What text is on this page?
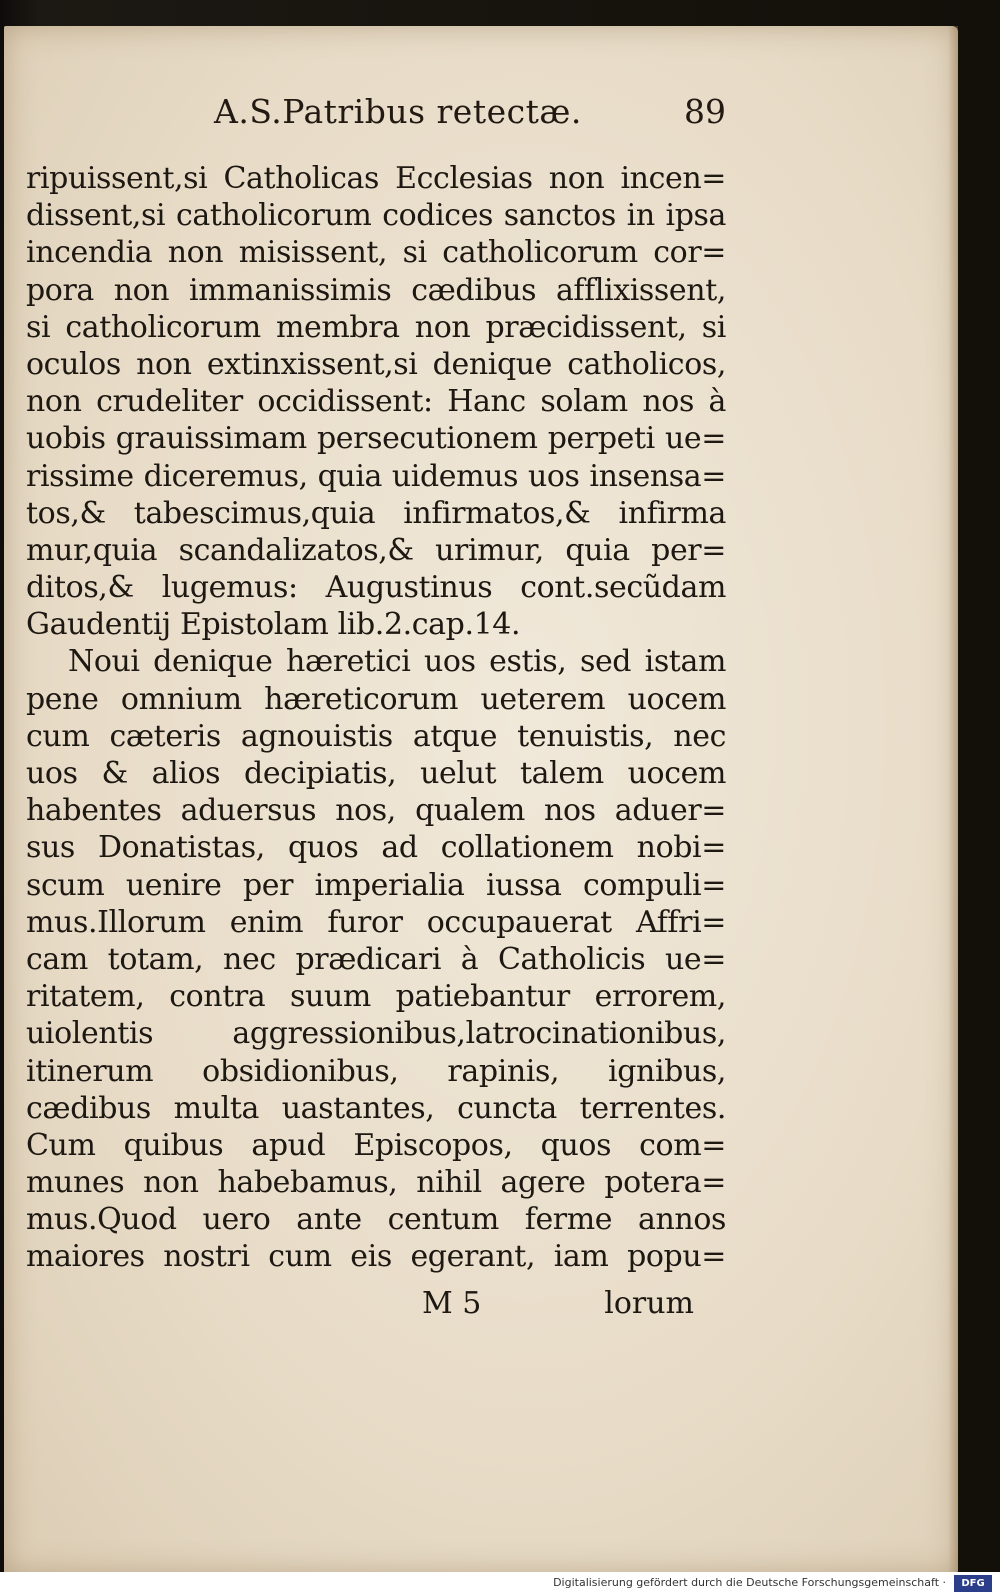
A.S.Patribus retectæ.	89
ripuissent,si Catholicas Ecclesias non incen=
dissent,si catholicorum codices sanctos in ipsa
incendia non misissent, si catholicorum cor=
pora non immanissimis cædibus afflixissent,
si catholicorum membra non præcidissent, si
oculos non extinxissent,si denique catholicos,
non crudeliter occidissent: Hanc solam nos à
uobis grauissimam persecutionem perpeti ue=
rissime diceremus, quia uidemus uos insensa=
tos,& tabescimus,quia infirmatos,& infirma
mur,quia scandalizatos,& urimur, quia per=
ditos,& lugemus: Augustinus cont.secũdam
Gaudentij Epistolam lib.2.cap.14.
Noui denique hæretici uos estis, sed istam
pene omnium hæreticorum ueterem uocem
cum cæteris agnouistis atque tenuistis, nec
uos & alios decipiatis, uelut talem uocem
habentes aduersus nos, qualem nos aduer=
sus Donatistas, quos ad collationem nobi=
scum uenire per imperialia iussa compuli=
mus.Illorum enim furor occupauerat Affri=
cam totam, nec prædicari à Catholicis ue=
ritatem, contra suum patiebantur errorem,
uiolentis aggressionibus,latrocinationibus,
itinerum obsidionibus, rapinis, ignibus,
cædibus multa uastantes, cuncta terrentes.
Cum quibus apud Episcopos, quos com=
munes non habebamus, nihil agere potera=
mus.Quod uero ante centum ferme annos
maiores nostri cum eis egerant, iam popu=
M 5	lorum
Digitalisierung gefördert durch die Deutsche Forschungsgemeinschaft ·	DFG
